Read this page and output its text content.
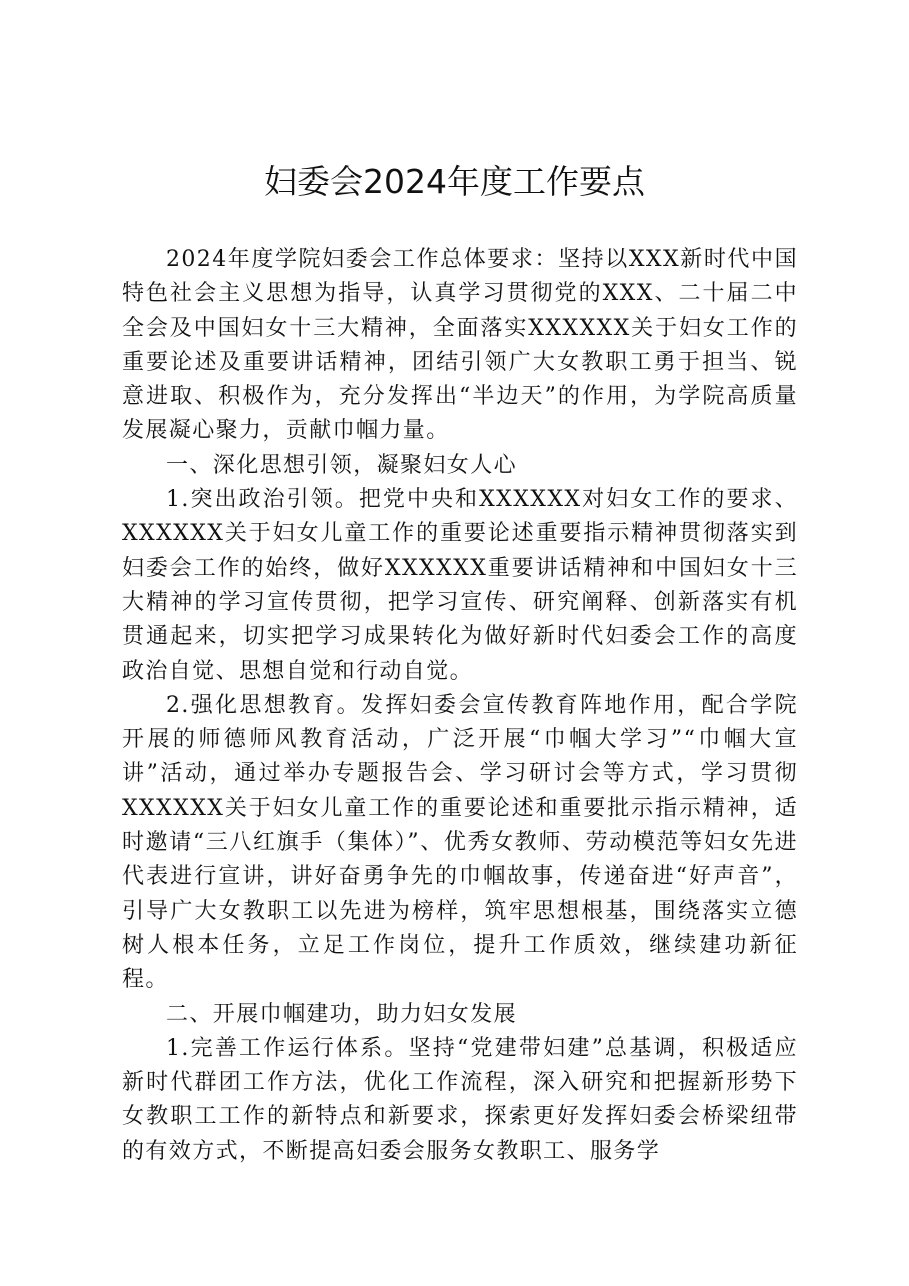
妇委会2024年度工作要点

2024年度学院妇委会工作总体要求：坚持以XXX新时代中国特色社会主义思想为指导，认真学习贯彻党的XXX、二十届二中全会及中国妇女十三大精神，全面落实XXXXXX关于妇女工作的重要论述及重要讲话精神，团结引领广大女教职工勇于担当、锐意进取、积极作为，充分发挥出“半边天”的作用，为学院高质量发展凝心聚力，贡献巾帼力量。

一、深化思想引领，凝聚妇女人心

1.突出政治引领。把党中央和XXXXXX对妇女工作的要求、XXXXXX关于妇女儿童工作的重要论述重要指示精神贯彻落实到妇委会工作的始终，做好XXXXXX重要讲话精神和中国妇女十三大精神的学习宣传贯彻，把学习宣传、研究阐释、创新落实有机贯通起来，切实把学习成果转化为做好新时代妇委会工作的高度政治自觉、思想自觉和行动自觉。

2.强化思想教育。发挥妇委会宣传教育阵地作用，配合学院开展的师德师风教育活动，广泛开展“巾帼大学习”“巾帼大宣讲”活动，通过举办专题报告会、学习研讨会等方式，学习贯彻XXXXXX关于妇女儿童工作的重要论述和重要批示指示精神，适时邀请“三八红旗手（集体）”、优秀女教师、劳动模范等妇女先进代表进行宣讲，讲好奋勇争先的巾帼故事，传递奋进“好声音”，引导广大女教职工以先进为榜样，筑牢思想根基，围绕落实立德树人根本任务，立足工作岗位，提升工作质效，继续建功新征程。

二、开展巾帼建功，助力妇女发展

1.完善工作运行体系。坚持“党建带妇建”总基调，积极适应新时代群团工作方法，优化工作流程，深入研究和把握新形势下女教职工工作的新特点和新要求，探索更好发挥妇委会桥梁纽带的有效方式，不断提高妇委会服务女教职工、服务学
